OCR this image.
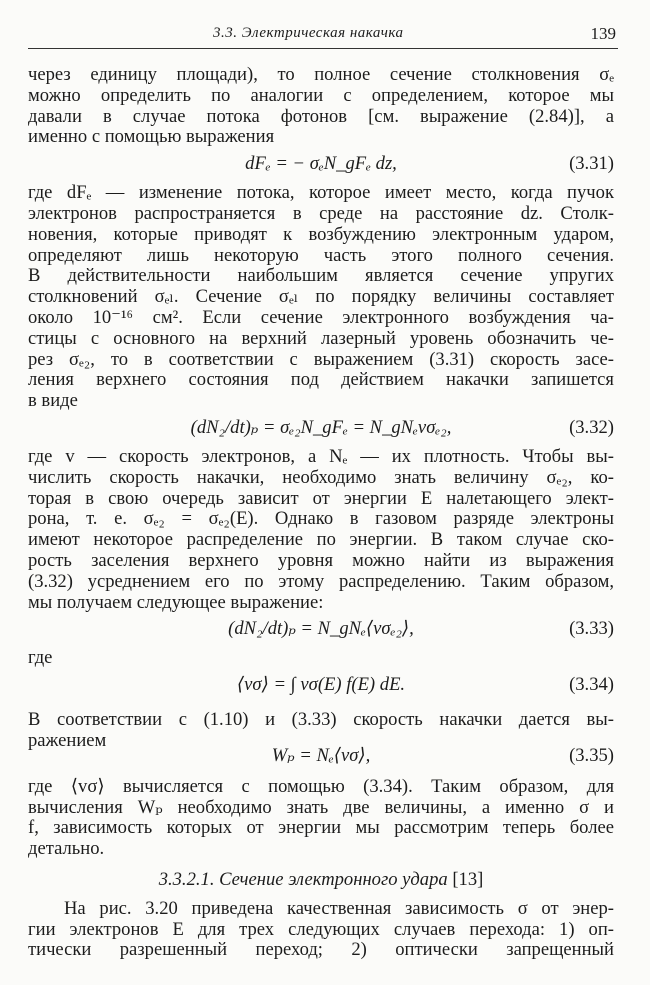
3.3. Электрическая накачка	139
через единицу площади), то полное сечение столкновения σₑ
можно определить по аналогии с определением, которое мы
давали в случае потока фотонов [см. выражение (2.84)], а
именно с помощью выражения
dFₑ = − σₑN_gFₑ dz,	(3.31)
где dFₑ — изменение потока, которое имеет место, когда пучок
электронов распространяется в среде на расстояние dz. Столк-
новения, которые приводят к возбуждению электронным ударом,
определяют лишь некоторую часть этого полного сечения.
В действительности наибольшим является сечение упругих
столкновений σₑₗ. Сечение σₑₗ по порядку величины составляет
около 10⁻¹⁶ см². Если сечение электронного возбуждения ча-
стицы с основного на верхний лазерный уровень обозначить че-
рез σₑ₂, то в соответствии с выражением (3.31) скорость засе-
ления верхнего состояния под действием накачки запишется
в виде
(dN₂/dt)ₚ = σₑ₂N_gFₑ = N_gNₑvσₑ₂,	(3.32)
где v — скорость электронов, а Nₑ — их плотность. Чтобы вы-
числить скорость накачки, необходимо знать величину σₑ₂, ко-
торая в свою очередь зависит от энергии E налетающего элект-
рона, т. е. σₑ₂ = σₑ₂(E). Однако в газовом разряде электроны
имеют некоторое распределение по энергии. В таком случае ско-
рость заселения верхнего уровня можно найти из выражения
(3.32) усреднением его по этому распределению. Таким образом,
мы получаем следующее выражение:
(dN₂/dt)ₚ = N_gNₑ⟨vσₑ₂⟩,	(3.33)
где
⟨vσ⟩ = ∫ vσ(E) f(E) dE.	(3.34)
В соответствии с (1.10) и (3.33) скорость накачки дается вы-
ражением
Wₚ = Nₑ⟨vσ⟩,	(3.35)
где ⟨vσ⟩ вычисляется с помощью (3.34). Таким образом, для
вычисления Wₚ необходимо знать две величины, а именно σ и
f, зависимость которых от энергии мы рассмотрим теперь более
детально.
3.3.2.1. Сечение электронного удара [13]
На рис. 3.20 приведена качественная зависимость σ от энер-
гии электронов E для трех следующих случаев перехода: 1) оп-
тически разрешенный переход; 2) оптически запрещенный
